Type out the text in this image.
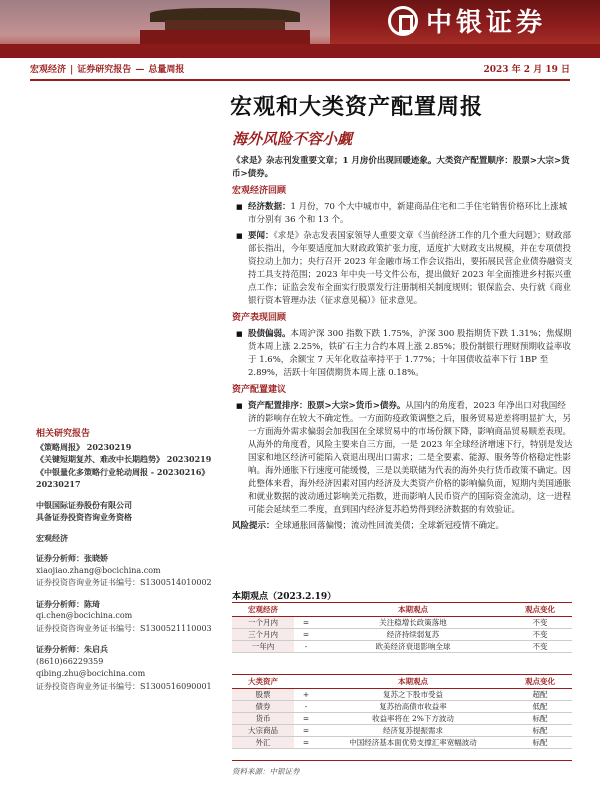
中银证券
宏观经济 | 证券研究报告 — 总量周报	2023 年 2 月 19 日
宏观和大类资产配置周报
海外风险不容小觑
《求是》杂志刊发重要文章；1 月房价出现回暖迹象。大类资产配置顺序：股票>大宗>货币>债券。
宏观经济回顾
■ 经济数据：1 月份，70 个大中城市中，新建商品住宅和二手住宅销售价格环比上涨城市分别有 36 个和 13 个。
■ 要闻：《求是》杂志发表国家领导人重要文章《当前经济工作的几个重大问题》；财政部部长指出，今年要适度加大财政政策扩张力度，适度扩大财政支出规模，并在专项债投资拉动上加力；央行召开 2023 年金融市场工作会议指出，要拓展民营企业债券融资支持工具支持范围；2023 年中央一号文件公布，提出做好 2023 年全面推进乡村振兴重点工作；证监会发布全面实行股票发行注册制相关制度规则；银保监会、央行就《商业银行资本管理办法（征求意见稿）》征求意见。
资产表现回顾
■ 股债偏弱。本周沪深 300 指数下跌 1.75%，沪深 300 股指期货下跌 1.31%；焦煤期货本周上涨 2.25%，铁矿石主力合约本周上涨 2.85%；股份制银行理财预期收益率收于 1.6%，余额宝 7 天年化收益率持平于 1.77%；十年国债收益率下行 1BP 至 2.89%，活跃十年国债期货本周上涨 0.18%。
资产配置建议
■ 资产配置排序：股票>大宗>货币>债券。从国内的角度看，2023 年净出口对我国经济的影响存在较大不确定性。一方面防疫政策调整之后，服务贸易逆差将明显扩大，另一方面海外需求偏弱会加我国在全球贸易中的市场份额下降，影响商品贸易顺差表现。从海外的角度看，风险主要来自三方面，一是 2023 年全球经济增速下行，特别是发达国家和地区经济可能陷入衰退出现出口需求；二是全要素、能源、服务等价格稳定性影响。海外通胀下行速度可能缓慢，三是以美联储为代表的海外央行货币政策不确定。因此整体来看，海外经济因素对国内经济及大类资产价格的影响偏负面，短期内美国通胀和就业数据的波动通过影响美元指数，进而影响人民币资产的国际资金流动，这一进程可能会延续至二季度，直到国内经济复苏趋势得到经济数据的有效验证。
风险提示：全球通胀回落偏慢；流动性回流美债；全球新冠疫情不确定。
相关研究报告
《策略周报》 20230219
《关键短期复苏、难改中长期趋势》 20230219
《中银量化多策略行业轮动周报 - 20230216》 20230217
中银国际证券股份有限公司
具备证券投资咨询业务资格
宏观经济
证券分析师：张晓娇
xiaojiao.zhang@bocichina.com
证券投资咨询业务证书编号：S1300514010002
证券分析师：陈琦
qi.chen@bocichina.com
证券投资咨询业务证书编号：S1300521110003
证券分析师：朱启兵
(8610)66229359
qibing.zhu@bocichina.com
证券投资咨询业务证书编号：S1300516090001
本期观点（2023.2.19）
宏观经济		本期观点	观点变化
一个月内	=	关注稳增长政策落地	不变
三个月内	=	经济持续弱复苏	不变
一年内	-	欧美经济衰退影响全球	不变
大类资产		本期观点	观点变化
股票	+	复苏之下股市受益	超配
债券	-	复苏抬高债市收益率	低配
货币	=	收益率将在 2%下方波动	标配
大宗商品	=	经济复苏提振需求	标配
外汇	=	中国经济基本面优势支撑汇率宽幅波动	标配
资料来源：中银证券
